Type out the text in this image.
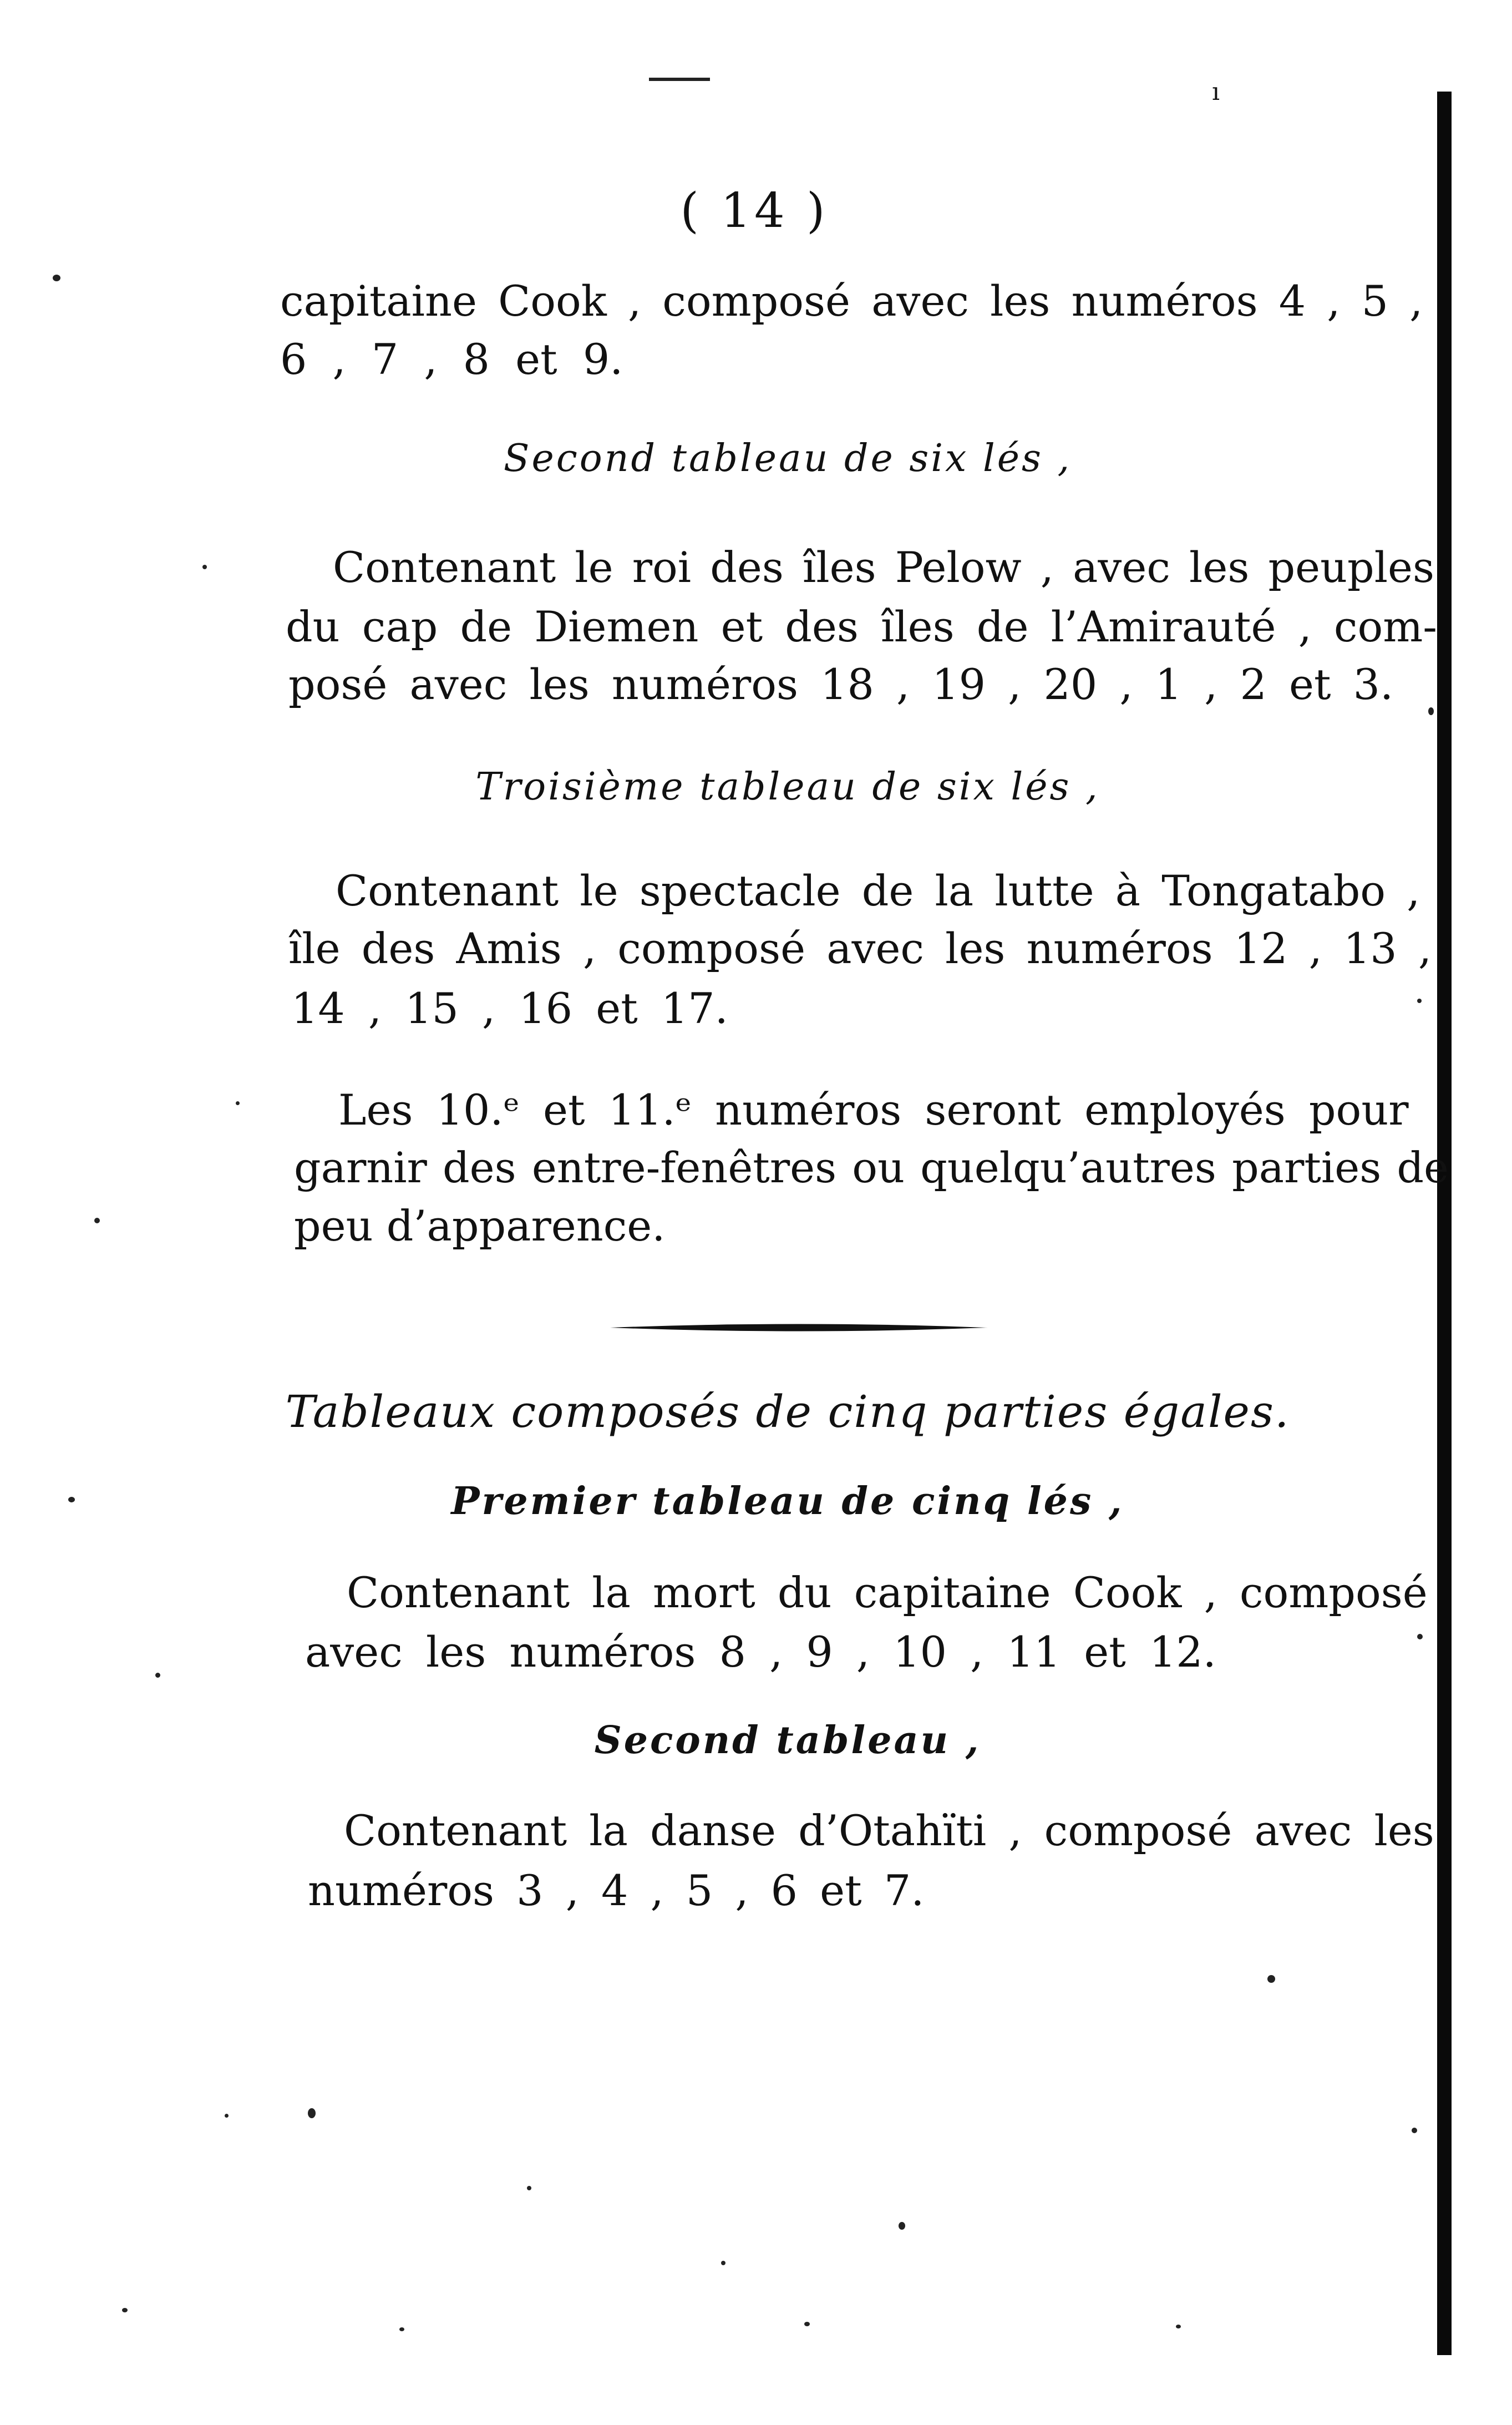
ı
( 14 )
capitaine Cook , composé avec les numéros 4 , 5 ,
6 , 7 , 8 et 9.
Second tableau de six lés ,
Contenant le roi des îles Pelow , avec les peuples
du cap de Diemen et des îles de l’Amirauté , com-
posé avec les numéros 18 , 19 , 20 , 1 , 2 et 3.
Troisième tableau de six lés ,
Contenant le spectacle de la lutte à Tongatabo ,
île des Amis , composé avec les numéros 12 , 13 ,
14 , 15 , 16 et 17.
Les 10.ᵉ et 11.ᵉ numéros seront employés pour
garnir des entre-fenêtres ou quelqu’autres parties de
peu d’apparence.
Tableaux composés de cinq parties égales.
Premier tableau de cinq lés ,
Contenant la mort du capitaine Cook , composé
avec les numéros 8 , 9 , 10 , 11 et 12.
Second tableau ,
Contenant la danse d’Otahïti , composé avec les
numéros 3 , 4 , 5 , 6 et 7.
